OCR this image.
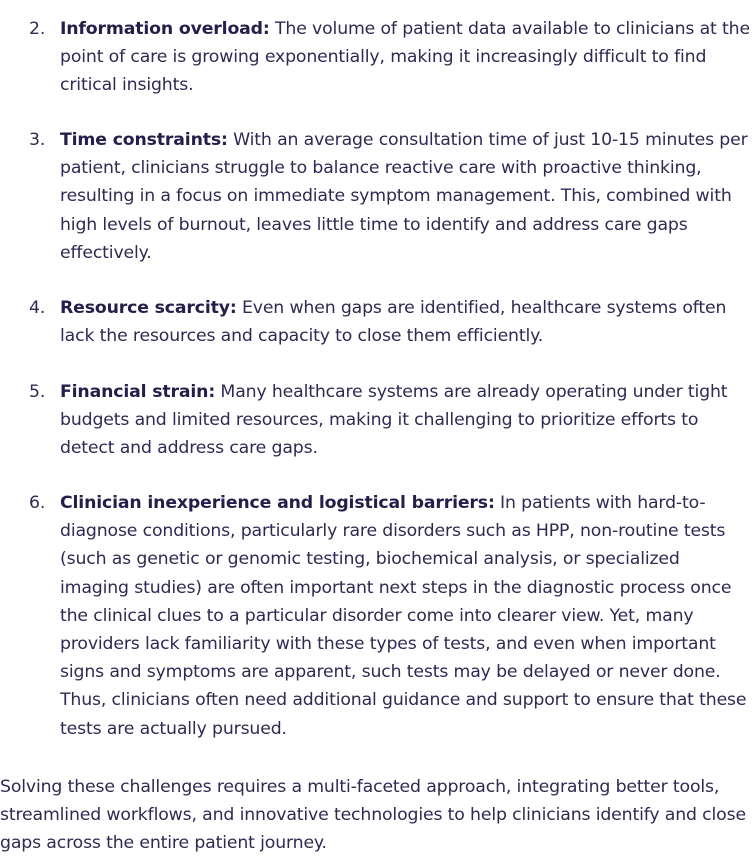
2. Information overload: The volume of patient data available to clinicians at the point of care is growing exponentially, making it increasingly difficult to find critical insights.
3. Time constraints: With an average consultation time of just 10-15 minutes per patient, clinicians struggle to balance reactive care with proactive thinking, resulting in a focus on immediate symptom management. This, combined with high levels of burnout, leaves little time to identify and address care gaps effectively.
4. Resource scarcity: Even when gaps are identified, healthcare systems often lack the resources and capacity to close them efficiently.
5. Financial strain: Many healthcare systems are already operating under tight budgets and limited resources, making it challenging to prioritize efforts to detect and address care gaps.
6. Clinician inexperience and logistical barriers: In patients with hard-to-diagnose conditions, particularly rare disorders such as HPP, non-routine tests (such as genetic or genomic testing, biochemical analysis, or specialized imaging studies) are often important next steps in the diagnostic process once the clinical clues to a particular disorder come into clearer view. Yet, many providers lack familiarity with these types of tests, and even when important signs and symptoms are apparent, such tests may be delayed or never done. Thus, clinicians often need additional guidance and support to ensure that these tests are actually pursued.

Solving these challenges requires a multi-faceted approach, integrating better tools, streamlined workflows, and innovative technologies to help clinicians identify and close gaps across the entire patient journey.
